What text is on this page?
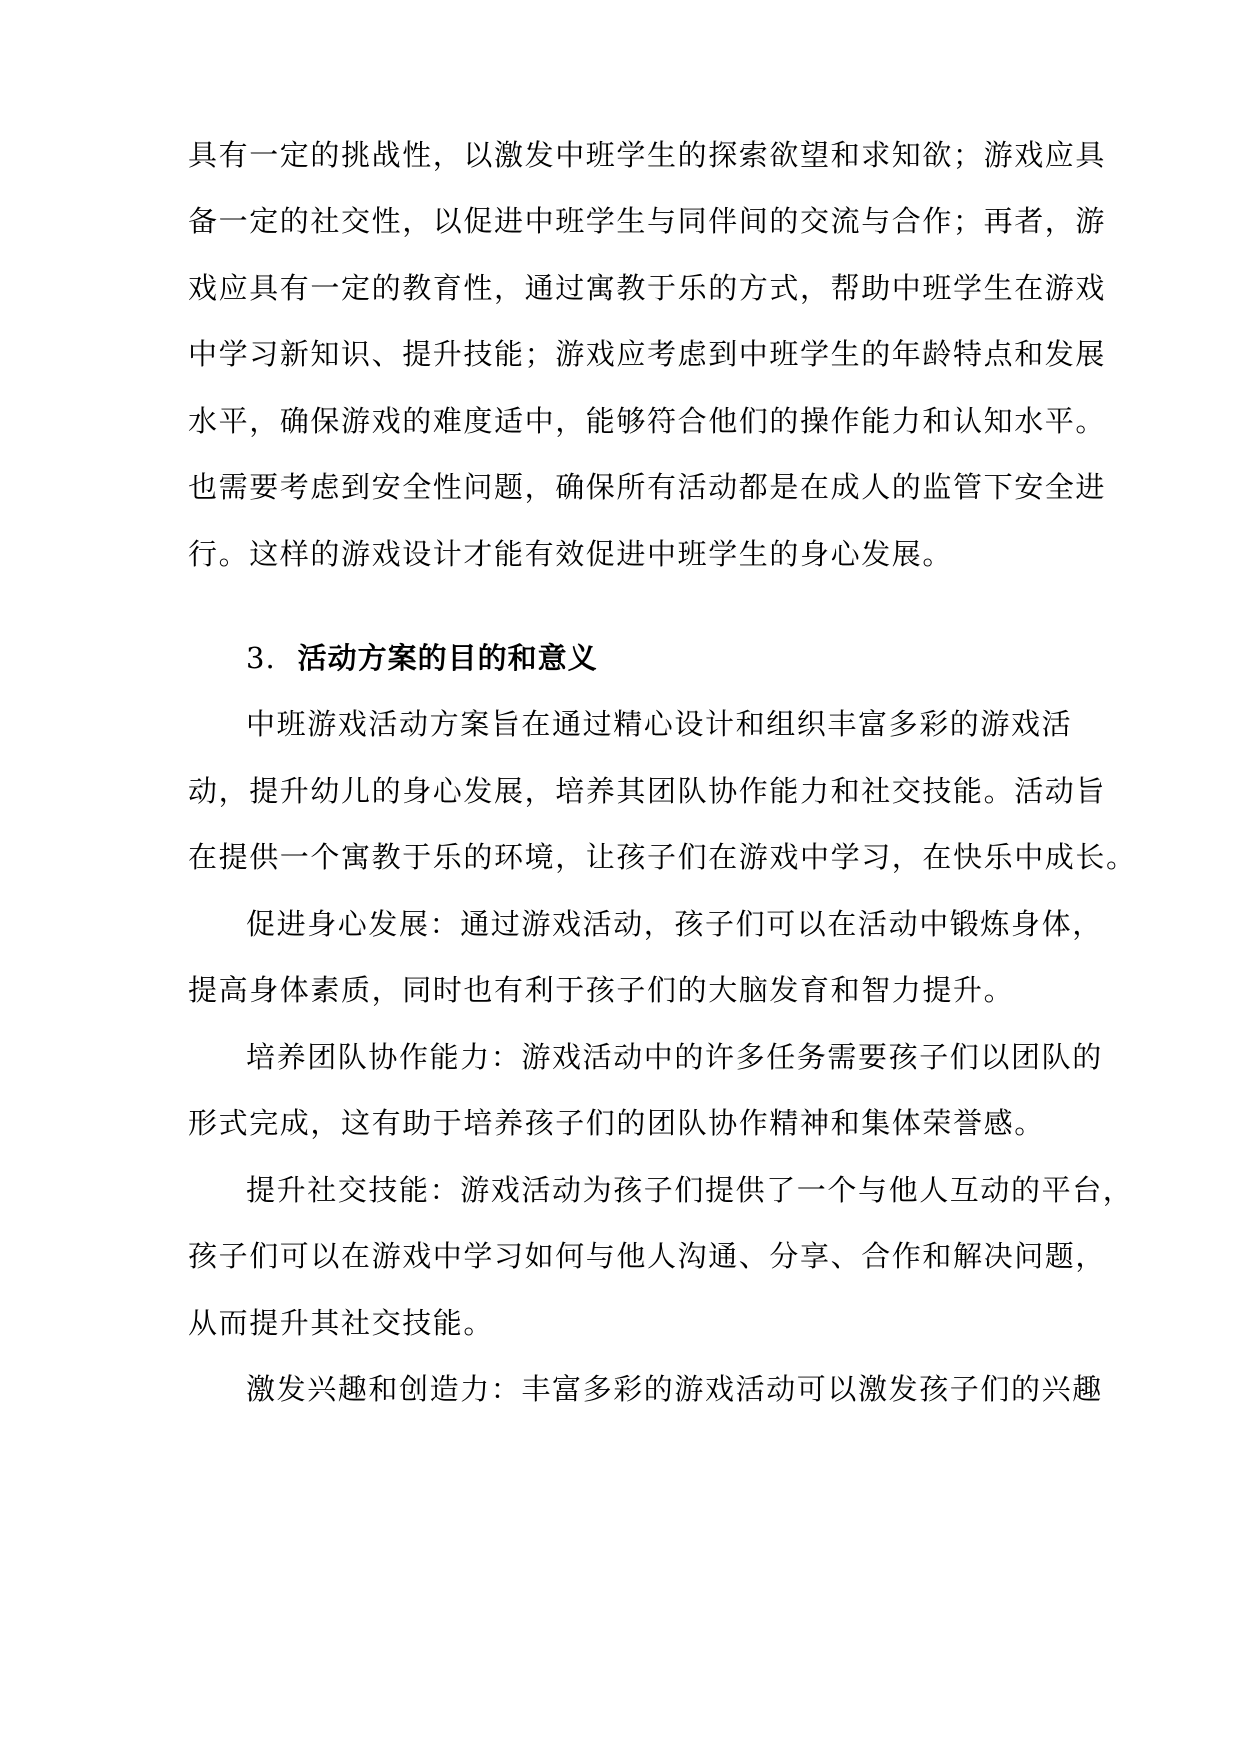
具有一定的挑战性，以激发中班学生的探索欲望和求知欲；游戏应具
备一定的社交性，以促进中班学生与同伴间的交流与合作；再者，游
戏应具有一定的教育性，通过寓教于乐的方式，帮助中班学生在游戏
中学习新知识、提升技能；游戏应考虑到中班学生的年龄特点和发展
水平，确保游戏的难度适中，能够符合他们的操作能力和认知水平。
也需要考虑到安全性问题，确保所有活动都是在成人的监管下安全进
行。这样的游戏设计才能有效促进中班学生的身心发展。
3. 活动方案的目的和意义
中班游戏活动方案旨在通过精心设计和组织丰富多彩的游戏活
动，提升幼儿的身心发展，培养其团队协作能力和社交技能。活动旨
在提供一个寓教于乐的环境，让孩子们在游戏中学习，在快乐中成长。
促进身心发展：通过游戏活动，孩子们可以在活动中锻炼身体，
提高身体素质，同时也有利于孩子们的大脑发育和智力提升。
培养团队协作能力：游戏活动中的许多任务需要孩子们以团队的
形式完成，这有助于培养孩子们的团队协作精神和集体荣誉感。
提升社交技能：游戏活动为孩子们提供了一个与他人互动的平台，
孩子们可以在游戏中学习如何与他人沟通、分享、合作和解决问题，
从而提升其社交技能。
激发兴趣和创造力：丰富多彩的游戏活动可以激发孩子们的兴趣
